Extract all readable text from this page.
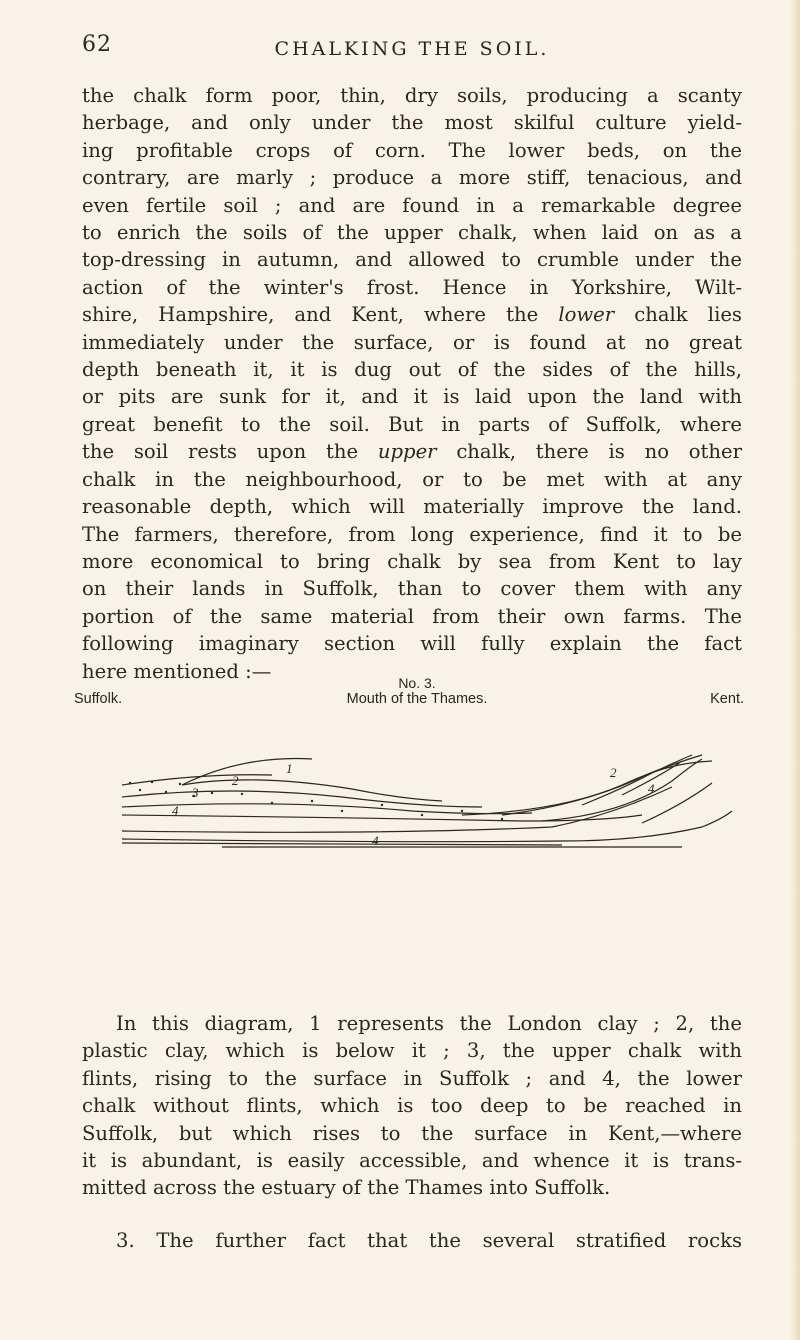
62	CHALKING THE SOIL.

the chalk form poor, thin, dry soils, producing a scanty
herbage, and only under the most skilful culture yield-
ing profitable crops of corn. The lower beds, on the
contrary, are marly ; produce a more stiff, tenacious, and
even fertile soil ; and are found in a remarkable degree
to enrich the soils of the upper chalk, when laid on as a
top-dressing in autumn, and allowed to crumble under the
action of the winter's frost. Hence in Yorkshire, Wilt-
shire, Hampshire, and Kent, where the lower chalk lies
immediately under the surface, or is found at no great
depth beneath it, it is dug out of the sides of the hills,
or pits are sunk for it, and it is laid upon the land with
great benefit to the soil. But in parts of Suffolk, where
the soil rests upon the upper chalk, there is no other
chalk in the neighbourhood, or to be met with at any
reasonable depth, which will materially improve the land.
The farmers, therefore, from long experience, find it to be
more economical to bring chalk by sea from Kent to lay
on their lands in Suffolk, than to cover them with any
portion of the same material from their own farms. The
following imaginary section will fully explain the fact
here mentioned :—

No. 3.
Suffolk.	Mouth of the Thames.	Kent.
1
2
3
4
2
4
4

In this diagram, 1 represents the London clay ; 2, the
plastic clay, which is below it ; 3, the upper chalk with
flints, rising to the surface in Suffolk ; and 4, the lower
chalk without flints, which is too deep to be reached in
Suffolk, but which rises to the surface in Kent,—where
it is abundant, is easily accessible, and whence it is trans-
mitted across the estuary of the Thames into Suffolk.

3. The further fact that the several stratified rocks
